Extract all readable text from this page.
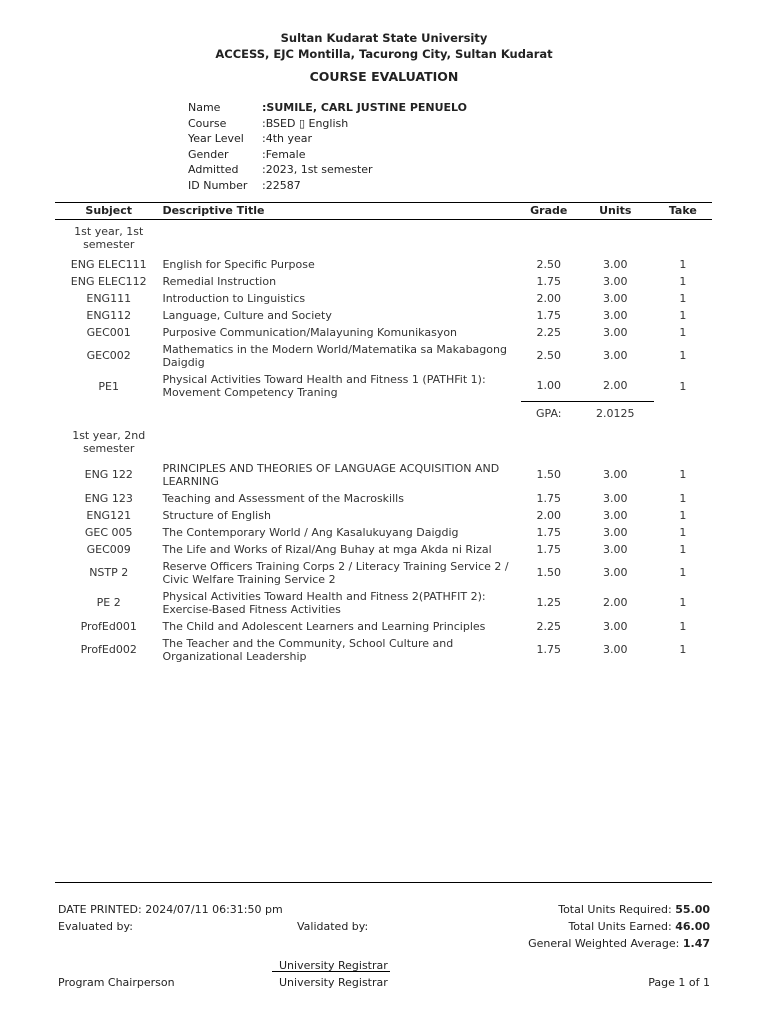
Sultan Kudarat State University
ACCESS, EJC Montilla, Tacurong City, Sultan Kudarat
COURSE EVALUATION
Name	:SUMILE, CARL JUSTINE PENUELO
Course	:BSED ▯ English
Year Level :4th year
Gender	:Female
Admitted :2023, 1st semester
ID Number :22587
Subject	Descriptive Title	Grade	Units	Take
1st year, 1st semester				
ENG ELEC111	English for Specific Purpose	2.50	3.00	1
ENG ELEC112	Remedial Instruction	1.75	3.00	1
ENG111	Introduction to Linguistics	2.00	3.00	1
ENG112	Language, Culture and Society	1.75	3.00	1
GEC001	Purposive Communication/Malayuning Komunikasyon	2.25	3.00	1
GEC002	Mathematics in the Modern World/Matematika sa Makabagong Daigdig	2.50	3.00	1
PE1	Physical Activities Toward Health and Fitness 1 (PATHFit 1): Movement Competency Traning	1.00	2.00	1
		GPA:	2.0125	
1st year, 2nd semester				
ENG 122	PRINCIPLES AND THEORIES OF LANGUAGE ACQUISITION AND LEARNING	1.50	3.00	1
ENG 123	Teaching and Assessment of the Macroskills	1.75	3.00	1
ENG121	Structure of English	2.00	3.00	1
GEC 005	The Contemporary World / Ang Kasalukuyang Daigdig	1.75	3.00	1
GEC009	The Life and Works of Rizal/Ang Buhay at mga Akda ni Rizal	1.75	3.00	1
NSTP 2	Reserve Officers Training Corps 2 / Literacy Training Service 2 / Civic Welfare Training Service 2	1.50	3.00	1
PE 2	Physical Activities Toward Health and Fitness 2(PATHFIT 2): Exercise-Based Fitness Activities	1.25	2.00	1
ProfEd001	The Child and Adolescent Learners and Learning Principles	2.25	3.00	1
ProfEd002	The Teacher and the Community, School Culture and Organizational Leadership	1.75	3.00	1
DATE PRINTED: 2024/07/11 06:31:50 pm
Evaluated by:	Validated by:
University Registrar
University Registrar
Program Chairperson
Total Units Required: 55.00
Total Units Earned: 46.00
General Weighted Average: 1.47
Page 1 of 1
